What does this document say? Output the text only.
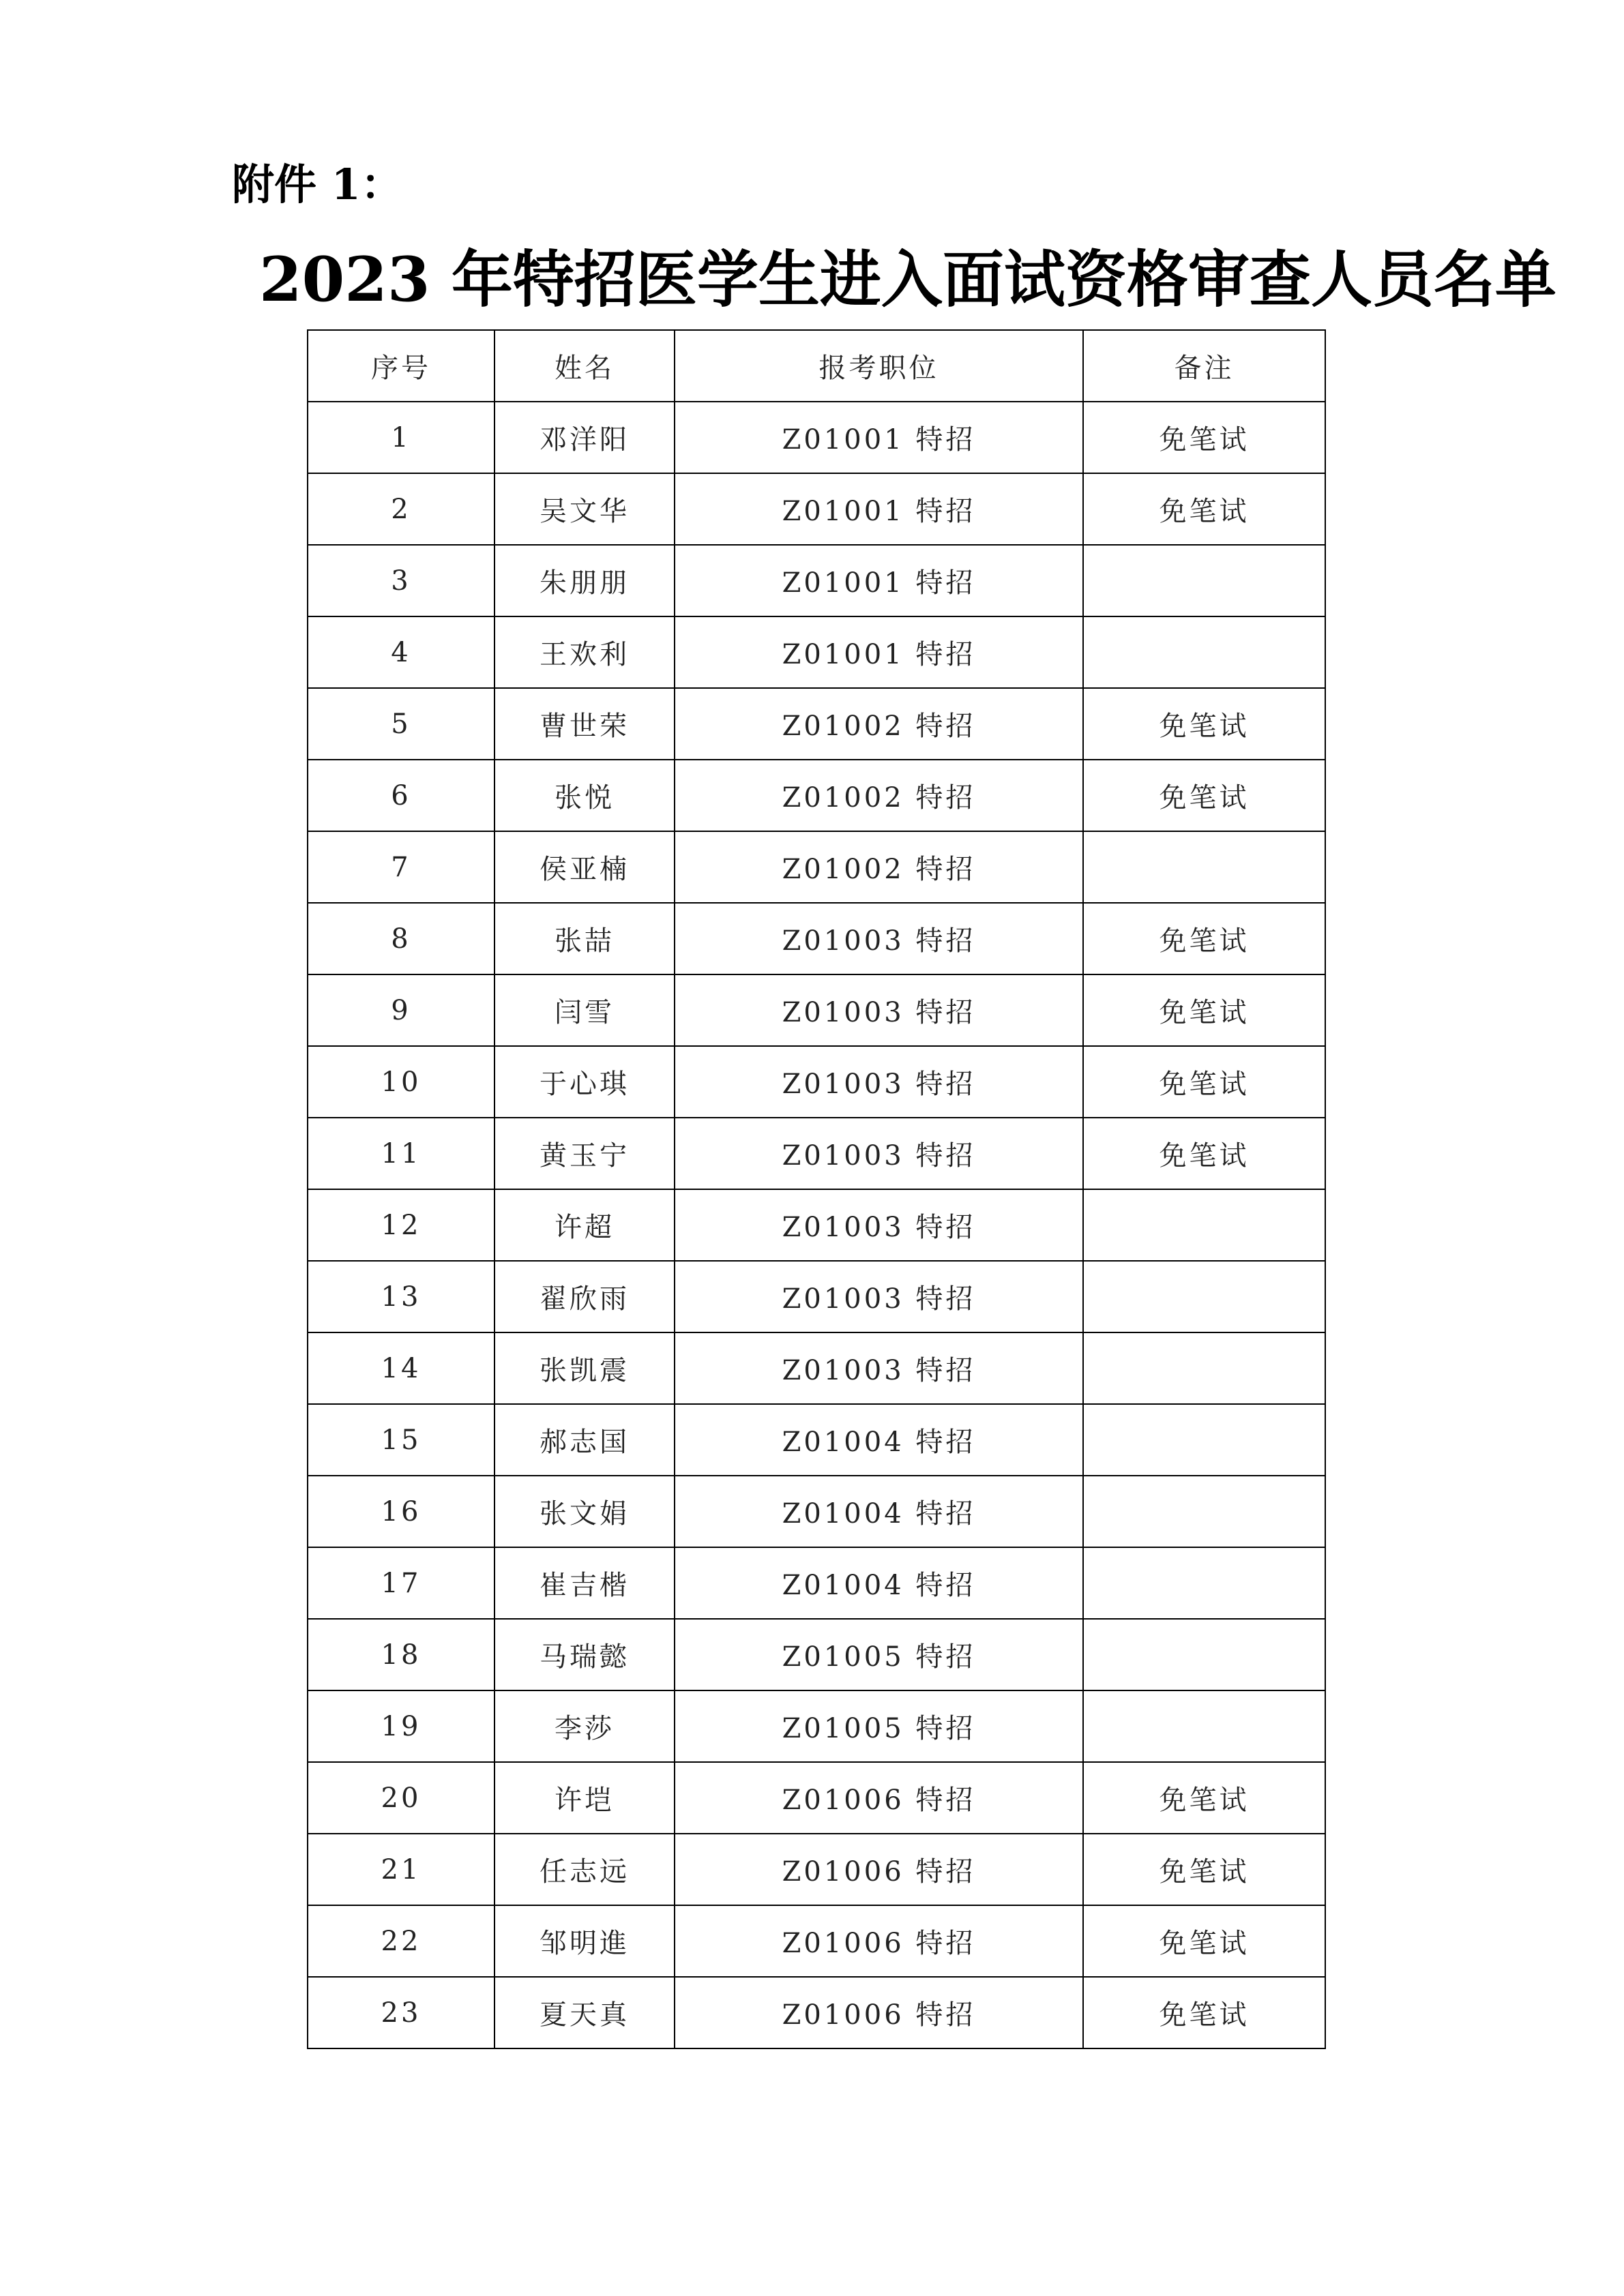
附件 1：
2023 年特招医学生进入面试资格审查人员名单
序号	姓名	报考职位	备注
1	邓洋阳	Z01001 特招	免笔试
2	吴文华	Z01001 特招	免笔试
3	朱朋朋	Z01001 特招	
4	王欢利	Z01001 特招	
5	曹世荣	Z01002 特招	免笔试
6	张悦	Z01002 特招	免笔试
7	侯亚楠	Z01002 特招	
8	张喆	Z01003 特招	免笔试
9	闫雪	Z01003 特招	免笔试
10	于心琪	Z01003 特招	免笔试
11	黄玉宁	Z01003 特招	免笔试
12	许超	Z01003 特招	
13	翟欣雨	Z01003 特招	
14	张凯震	Z01003 特招	
15	郝志国	Z01004 特招	
16	张文娟	Z01004 特招	
17	崔吉楷	Z01004 特招	
18	马瑞懿	Z01005 特招	
19	李莎	Z01005 特招	
20	许垲	Z01006 特招	免笔试
21	任志远	Z01006 特招	免笔试
22	邹明進	Z01006 特招	免笔试
23	夏天真	Z01006 特招	免笔试
